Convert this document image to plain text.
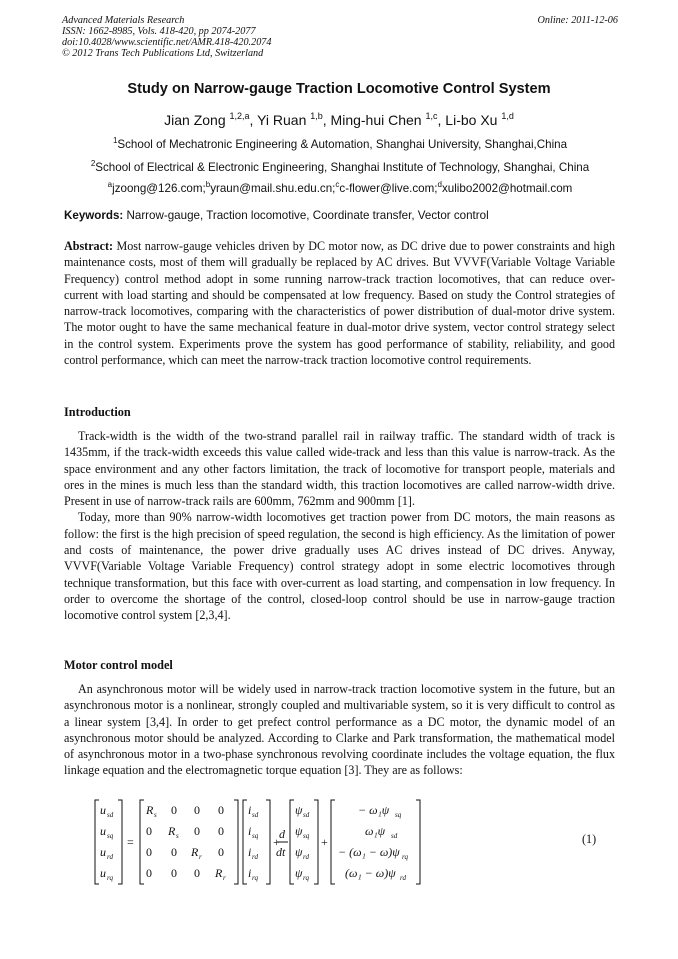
Advanced Materials Research
ISSN: 1662-8985, Vols. 418-420, pp 2074-2077
doi:10.4028/www.scientific.net/AMR.418-420.2074
© 2012 Trans Tech Publications Ltd, Switzerland
Online: 2011-12-06
Study on Narrow-gauge Traction Locomotive Control System
Jian Zong $^{1,2,a}$, Yi Ruan $^{1,b}$, Ming-hui Chen $^{1,c}$, Li-bo Xu $^{1,d}$
$^1$School of Mechatronic Engineering & Automation, Shanghai University, Shanghai,China
$^2$School of Electrical & Electronic Engineering, Shanghai Institute of Technology, Shanghai, China
$^a$jzoong@126.com;$^b$yraun@mail.shu.edu.cn;$^c$c-flower@live.com;$^d$xulibo2002@hotmail.com
Keywords: Narrow-gauge, Traction locomotive, Coordinate transfer, Vector control
Abstract: Most narrow-gauge vehicles driven by DC motor now, as DC drive due to power constraints and high maintenance costs, most of them will gradually be replaced by AC drives. But VVVF(Variable Voltage Variable Frequency) control method adopt in some running narrow-track traction locomotives, that can reduce over-current with load starting and should be compensated at low frequency. Based on study the Control strategies of narrow-track locomotives, comparing with the characteristics of power distribution of dual-motor drive system. The motor ought to have the same mechanical feature in dual-motor drive system, vector control strategy select in the control system. Experiments prove the system has good performance of stability, reliability, and good control performance, which can meet the narrow-track traction locomotive control requirements.
Introduction

Track-width is the width of the two-strand parallel rail in railway traffic. The standard width of track is 1435mm, if the track-width exceeds this value called wide-track and less than this value is narrow-track. As the space environment and any other factors limitation, the track of locomotive for transport people, materials and ores in the mines is much less than the standard width, this traction locomotives are called narrow-width drive. Present in use of narrow-track rails are 600mm, 762mm and 900mm [1].

Today, more than 90% narrow-width locomotives get traction power from DC motors, the main reasons as follow: the first is the high precision of speed regulation, the second is high efficiency. As the limitation of power and costs of maintenance, the power drive gradually uses AC drives instead of DC drives. Anyway, VVVF(Variable Voltage Variable Frequency) control strategy adopt in some electric locomotives through technique transformation, but this face with over-current as load starting, and compensation in low frequency. In order to overcome the shortage of the control, closed-loop control should be use in narrow-gauge traction locomotive control system [2,3,4].

Motor control model

An asynchronous motor will be widely used in narrow-track traction locomotive system in the future, but an asynchronous motor is a nonlinear, strongly coupled and multivariable system, so it is very difficult to control as a linear system [3,4]. In order to get prefect control performance as a DC motor, the dynamic model of an asynchronous motor should be analyzed. According to Clarke and Park transformation, the mathematical model of asynchronous motor in a two-phase synchronous revolving coordinate includes the voltage equation, the flux linkage equation and the electromagnetic torque equation [3]. They are as follows:

u sd
u sq
u rd
u rq
=
R s 0 0 0
0 R s 0 0
0 0 R r 0
0 0 0 R r
i sd
i sq
i rd
i rq
+
d
dt
ψ sd
ψ sq
ψ rd
ψ rq
+
− ω₁ψ sq
ω₁ψ sd
− (ω₁ − ω)ψ rq
(ω₁ − ω)ψ rd
(1)
